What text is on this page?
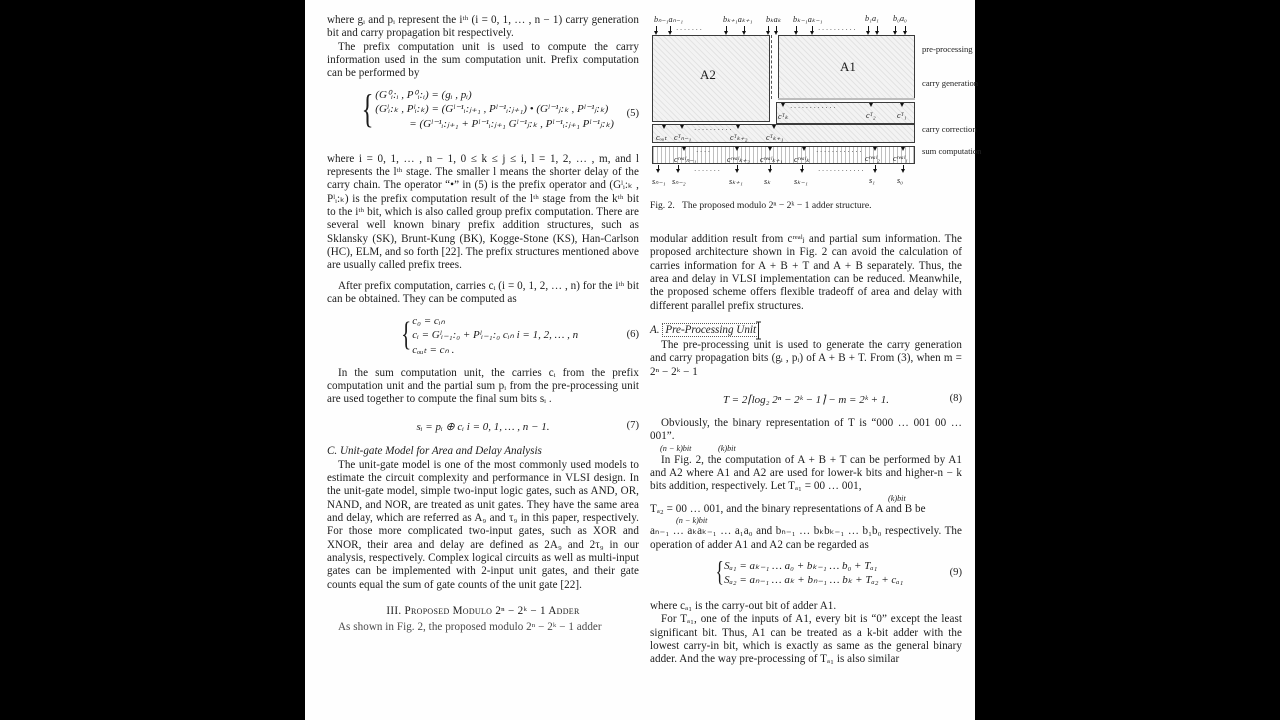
where gᵢ and pᵢ represent the iᵗʰ (i = 0, 1, … , n − 1) carry generation bit and carry propagation bit respectively.

The prefix computation unit is used to compute the carry information used in the sum computation unit. Prefix computation can be performed by

{ (G⁰ᵢ:ᵢ , P⁰ᵢ:ᵢ) = (gᵢ , pᵢ)
(Gˡᵢ:ₖ , Pˡᵢ:ₖ) = (Gˡ⁻¹ᵢ:ⱼ₊₁ , Pˡ⁻¹ᵢ:ⱼ₊₁) • (Gˡ⁻¹ⱼ:ₖ , Pˡ⁻¹ⱼ:ₖ)
= (Gˡ⁻¹ᵢ:ⱼ₊₁ + Pˡ⁻¹ᵢ:ⱼ₊₁ Gˡ⁻¹ⱼ:ₖ , Pˡ⁻¹ᵢ:ⱼ₊₁ Pˡ⁻¹ⱼ:ₖ)
(5)

where i = 0, 1, … , n − 1, 0 ≤ k ≤ j ≤ i, l = 1, 2, … , m, and l represents the lᵗʰ stage. The smaller l means the shorter delay of the carry chain. The operator “•” in (5) is the prefix operator and (Gˡᵢ:ₖ , Pˡᵢ:ₖ) is the prefix computation result of the lᵗʰ stage from the kᵗʰ bit to the iᵗʰ bit, which is also called group prefix computation. There are several well known binary prefix addition structures, such as Sklansky (SK), Brunt-Kung (BK), Kogge-Stone (KS), Han-Carlson (HC), ELM, and so forth [22]. The prefix structures mentioned above are usually called prefix trees.

After prefix computation, carries cᵢ (i = 0, 1, 2, … , n) for the iᵗʰ bit can be obtained. They can be computed as

{ c₀ = cᵢₙ
cᵢ = Gˡᵢ₋₁:₀ + Pˡᵢ₋₁:₀ cᵢₙ i = 1, 2, … , n
cₒᵤₜ = cₙ .
(6)

In the sum computation unit, the carries cᵢ from the prefix computation unit and the partial sum pᵢ from the pre-processing unit are used together to compute the final sum bits sᵢ .

sᵢ = pᵢ ⊕ cᵢ i = 0, 1, … , n − 1.	(7)
C. Unit-gate Model for Area and Delay Analysis

The unit-gate model is one of the most commonly used models to estimate the circuit complexity and performance in VLSI design. In the unit-gate model, simple two-input logic gates, such as AND, OR, NAND, and NOR, are treated as unit gates. They have the same area and delay, which are referred as A₉ and τ₉ in this paper, respectively. For those more complicated two-input gates, such as XOR and XNOR, their area and delay are defined as 2A₉ and 2τ₉ in our analysis, respectively. Complex logical circuits as well as multi-input gates can be implemented with 2-input unit gates, and their gate counts equal the sum of gate counts of the unit gate [22].

III. Proposed Modulo 2ⁿ − 2ᵏ − 1 Adder

As shown in Fig. 2, the proposed modulo 2ⁿ − 2ᵏ − 1 adder

bₙ₋₁aₙ₋₁	bₖ₊₁aₖ₊₁ bₖaₖ bₖ₋₁aₖ₋₁	b₁a₁ b₀a₀
·······	··········
A2
A1
cᵀₖ
············
cᵀ₂	cᵀ₁
cₒᵤₜ cᵀₙ₋₁
··········
cᵀₖ₊₂ cᵀₖ₊₁
cʳᵉᵃˡₙ₋₁
····
cʳᵉᵃˡₖ₊₂ cʳᵉᵃˡₖ₊₁ cʳᵉᵃˡₖ
············
cʳᵉᵃˡ₂ cʳᵉᵃˡ₁
sₙ₋₁ sₙ₋₂
·······
sₖ₊₁	sₖ	sₖ₋₁
············
s₁	s₀
pre-processing
carry generation
carry correction
sum computation
Fig. 2. The proposed modulo 2ⁿ − 2ᵏ − 1 adder structure.

modular addition result from cʳᵉᵃˡⱼ and partial sum information. The proposed architecture shown in Fig. 2 can avoid the calculation of carries information for A + B + T and A + B separately. Thus, the area and delay in VLSI implementation can be reduced. Meanwhile, the proposed scheme offers flexible tradeoff of area and delay with different parallel prefix structures.

A. Pre-Processing Unit

The pre-processing unit is used to generate the carry generation and carry propagation bits (gᵢ , pᵢ) of A + B + T. From (3), when m = 2ⁿ − 2ᵏ − 1

T = 2⌈log₂ 2ⁿ − 2ᵏ − 1⌉ − m = 2ᵏ + 1.	(8)

Obviously, the binary representation of T is “000 … 001 00 … 001”.

(n − k)bit	(k)bit

In Fig. 2, the computation of A + B + T can be performed by A1 and A2 where A1 and A2 are used for lower-k bits and higher-n − k bits addition, respectively. Let Tₐ₁ = 00 … 001,

(k)bit

Tₐ₂ = 00 … 001, and the binary representations of A and B be

(n − k)bit

aₙ₋₁ … aₖaₖ₋₁ … a₁a₀ and bₙ₋₁ … bₖbₖ₋₁ … b₁b₀ respectively. The operation of adder A1 and A2 can be regarded as

{ Sₐ₁ = aₖ₋₁ … a₀ + bₖ₋₁ … b₀ + Tₐ₁
Sₐ₂ = aₙ₋₁ … aₖ + bₙ₋₁ … bₖ + Tₐ₂ + cₐ₁
(9)

where cₐ₁ is the carry-out bit of adder A1.

For Tₐ₁, one of the inputs of A1, every bit is “0” except the least significant bit. Thus, A1 can be treated as a k-bit adder with the lowest carry-in bit, which is exactly as same as the general binary adder. And the way pre-processing of Tₐ₁ is also similar
